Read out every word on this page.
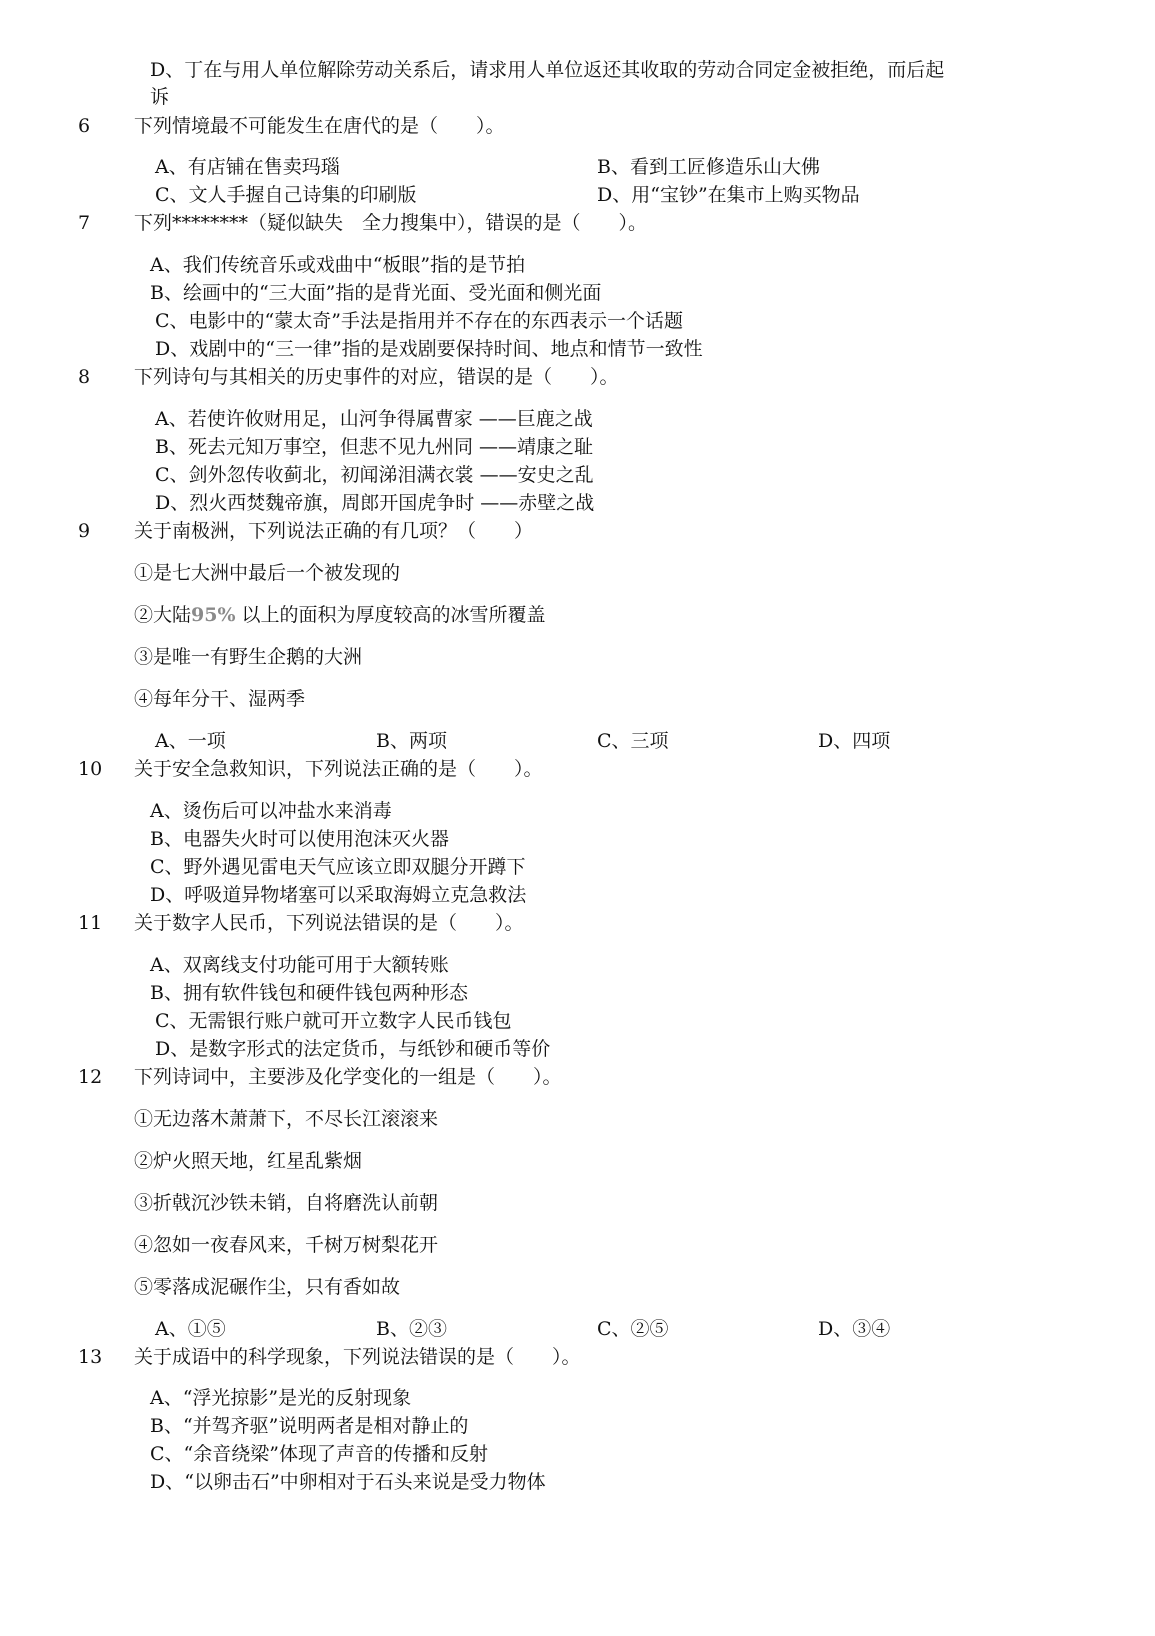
D、丁在与用人单位解除劳动关系后，请求用人单位返还其收取的劳动合同定金被拒绝，而后起
诉
6 下列情境最不可能发生在唐代的是（　　）。
A、有店铺在售卖玛瑙	B、看到工匠修造乐山大佛
C、文人手握自己诗集的印刷版	D、用“宝钞”在集市上购买物品
7 下列********（疑似缺失　全力搜集中），错误的是（　　）。
A、我们传统音乐或戏曲中“板眼”指的是节拍
B、绘画中的“三大面”指的是背光面、受光面和侧光面
C、电影中的“蒙太奇”手法是指用并不存在的东西表示一个话题
D、戏剧中的“三一律”指的是戏剧要保持时间、地点和情节一致性
8 下列诗句与其相关的历史事件的对应，错误的是（　　）。
A、若使许攸财用足，山河争得属曹家 ——巨鹿之战
B、死去元知万事空，但悲不见九州同 ——靖康之耻
C、剑外忽传收蓟北，初闻涕泪满衣裳 ——安史之乱
D、烈火西焚魏帝旗，周郎开国虎争时 ——赤壁之战
9 关于南极洲，下列说法正确的有几项？（　　）
①是七大洲中最后一个被发现的
②大陆95% 以上的面积为厚度较高的冰雪所覆盖
③是唯一有野生企鹅的大洲
④每年分干、湿两季
A、一项	B、两项	C、三项	D、四项
10 关于安全急救知识，下列说法正确的是（　　）。
A、烫伤后可以冲盐水来消毒
B、电器失火时可以使用泡沫灭火器
C、野外遇见雷电天气应该立即双腿分开蹲下
D、呼吸道异物堵塞可以采取海姆立克急救法
11 关于数字人民币，下列说法错误的是（　　）。
A、双离线支付功能可用于大额转账
B、拥有软件钱包和硬件钱包两种形态
C、无需银行账户就可开立数字人民币钱包
D、是数字形式的法定货币，与纸钞和硬币等价
12 下列诗词中，主要涉及化学变化的一组是（　　）。
①无边落木萧萧下，不尽长江滚滚来
②炉火照天地，红星乱紫烟
③折戟沉沙铁未销，自将磨洗认前朝
④忽如一夜春风来，千树万树梨花开
⑤零落成泥碾作尘，只有香如故
A、①⑤	B、②③	C、②⑤	D、③④
13 关于成语中的科学现象，下列说法错误的是（　　）。
A、“浮光掠影”是光的反射现象
B、“并驾齐驱”说明两者是相对静止的
C、“余音绕梁”体现了声音的传播和反射
D、“以卵击石”中卵相对于石头来说是受力物体
